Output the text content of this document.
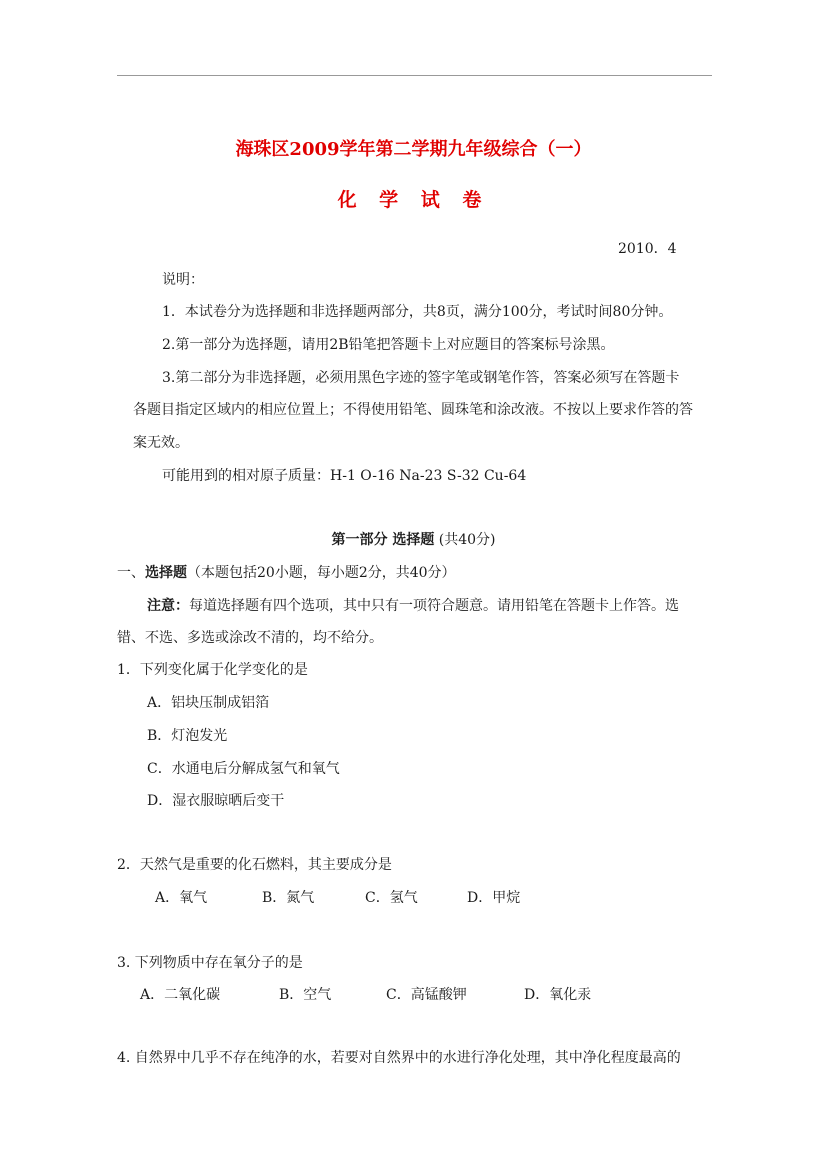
海珠区2009学年第二学期九年级综合（一）
化 学 试 卷
2010．4
说明：
1．本试卷分为选择题和非选择题两部分，共8页，满分100分，考试时间80分钟。
2.第一部分为选择题，请用2B铅笔把答题卡上对应题目的答案标号涂黑。
3.第二部分为非选择题，必须用黑色字迹的签字笔或钢笔作答，答案必须写在答题卡
各题目指定区域内的相应位置上；不得使用铅笔、圆珠笔和涂改液。不按以上要求作答的答
案无效。
可能用到的相对原子质量：H-1 O-16 Na-23 S-32 Cu-64
第一部分 选择题 (共40分)
一、选择题（本题包括20小题，每小题2分，共40分）
注意：每道选择题有四个选项，其中只有一项符合题意。请用铅笔在答题卡上作答。选
错、不选、多选或涂改不清的，均不给分。
1．下列变化属于化学变化的是
A．铝块压制成铝箔
B．灯泡发光
C．水通电后分解成氢气和氧气
D．湿衣服晾晒后变干
2．天然气是重要的化石燃料，其主要成分是
A．氧气	B．氮气	C．氢气	D．甲烷
3. 下列物质中存在氧分子的是
A．二氧化碳	B．空气	C．高锰酸钾	D．氧化汞
4. 自然界中几乎不存在纯净的水，若要对自然界中的水进行净化处理，其中净化程度最高的
